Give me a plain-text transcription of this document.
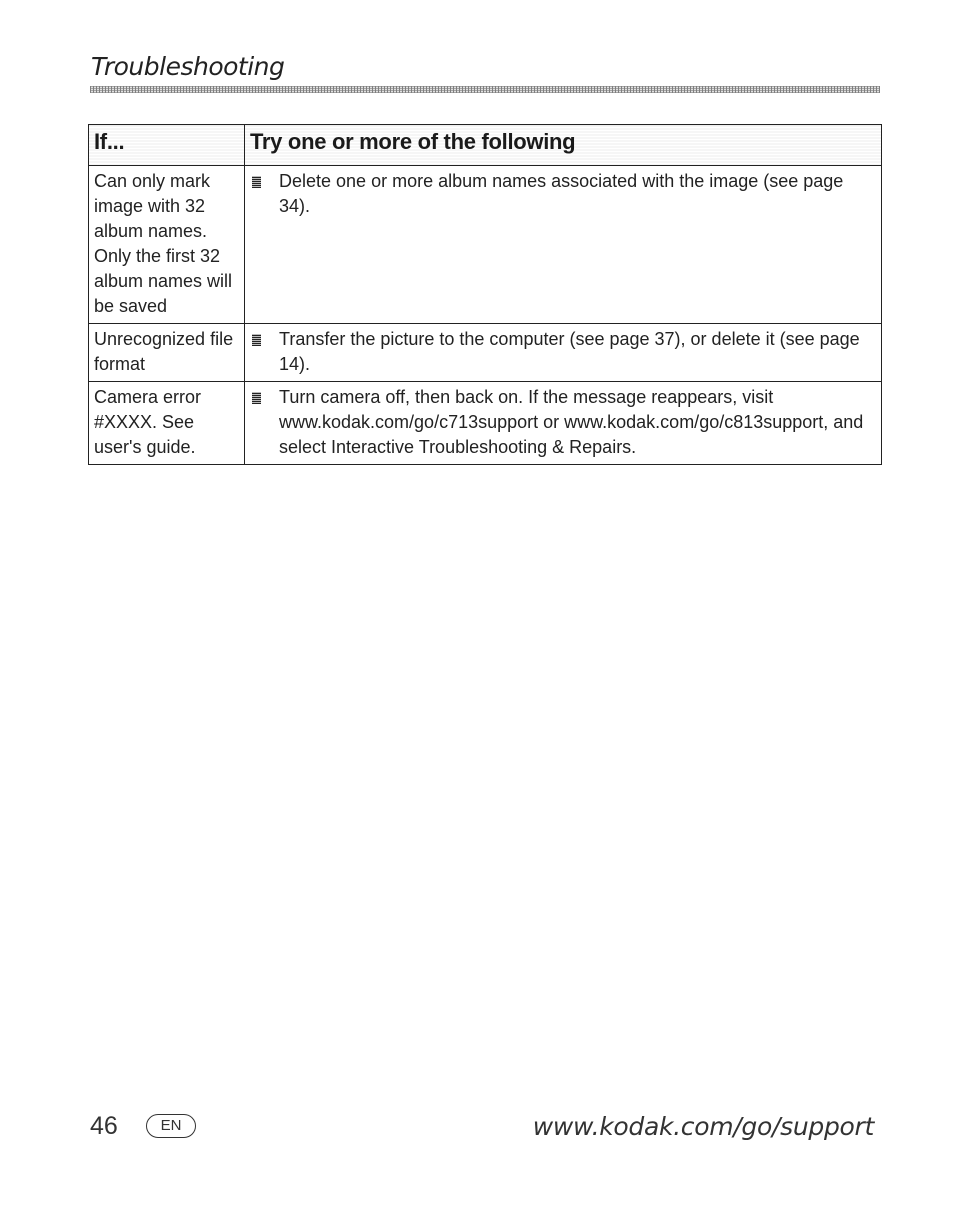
Troubleshooting
If...	Try one or more of the following
Can only mark image with 32 album names. Only the first 32 album names will be saved	Delete one or more album names associated with the image (see page 34).

Unrecognized file format	Transfer the picture to the computer (see page 37), or delete it (see page 14).

Camera error #XXXX. See user's guide.	Turn camera off, then back on. If the message reappears, visit www.kodak.com/go/c713support or www.kodak.com/go/c813support, and select Interactive Troubleshooting & Repairs.
46	EN	www.kodak.com/go/support
